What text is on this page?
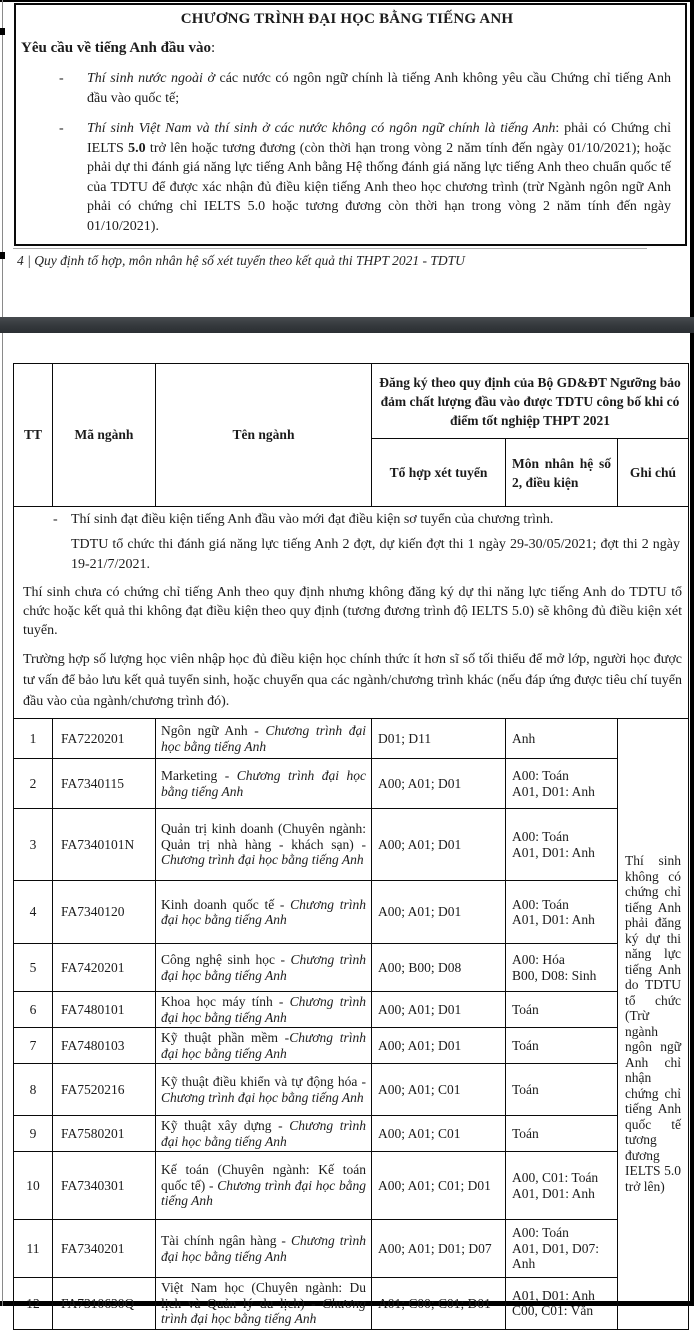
CHƯƠNG TRÌNH ĐẠI HỌC BẰNG TIẾNG ANH
Yêu cầu về tiếng Anh đầu vào:
- Thí sinh nước ngoài ở các nước có ngôn ngữ chính là tiếng Anh không yêu cầu Chứng chỉ tiếng Anh đầu vào quốc tế;
- Thí sinh Việt Nam và thí sinh ở các nước không có ngôn ngữ chính là tiếng Anh: phải có Chứng chỉ IELTS 5.0 trở lên hoặc tương đương (còn thời hạn trong vòng 2 năm tính đến ngày 01/10/2021); hoặc phải dự thi đánh giá năng lực tiếng Anh bằng Hệ thống đánh giá năng lực tiếng Anh theo chuẩn quốc tế của TDTU để được xác nhận đủ điều kiện tiếng Anh theo học chương trình (trừ Ngành ngôn ngữ Anh phải có chứng chỉ IELTS 5.0 hoặc tương đương còn thời hạn trong vòng 2 năm tính đến ngày 01/10/2021).
4 | Quy định tổ hợp, môn nhân hệ số xét tuyển theo kết quả thi THPT 2021 - TDTU
TT	Mã ngành	Tên ngành	Đăng ký theo quy định của Bộ GD&ĐT Ngưỡng bảo đảm chất lượng đầu vào được TDTU công bố khi có điểm tốt nghiệp THPT 2021		
			Tổ hợp xét tuyển	Môn nhân hệ số 2, điều kiện	Ghi chú

- Thí sinh đạt điều kiện tiếng Anh đầu vào mới đạt điều kiện sơ tuyển của chương trình.
TDTU tổ chức thi đánh giá năng lực tiếng Anh 2 đợt, dự kiến đợt thi 1 ngày 29-30/05/2021; đợt thi 2 ngày 19-21/7/2021.
Thí sinh chưa có chứng chỉ tiếng Anh theo quy định nhưng không đăng ký dự thi năng lực tiếng Anh do TDTU tổ chức hoặc kết quả thi không đạt điều kiện theo quy định (tương đương trình độ IELTS 5.0) sẽ không đủ điều kiện xét tuyển.
Trường hợp số lượng học viên nhập học đủ điều kiện học chính thức ít hơn sĩ số tối thiểu để mở lớp, người học được tư vấn để bảo lưu kết quả tuyển sinh, hoặc chuyển qua các ngành/chương trình khác (nếu đáp ứng được tiêu chí tuyển đầu vào của ngành/chương trình đó).					

1	FA7220201	Ngôn ngữ Anh - Chương trình đại học bằng tiếng Anh	D01; D11	Anh	Thí sinh không có chứng chỉ tiếng Anh phải đăng ký dự thi năng lực tiếng Anh do TDTU tổ chức (Trừ ngành ngôn ngữ Anh chỉ nhận chứng chỉ tiếng Anh quốc tế tương đương IELTS 5.0 trở lên)
2	FA7340115	Marketing - Chương trình đại học bằng tiếng Anh	A00; A01; D01	A00: Toán
A01, D01: Anh	

3	FA7340101N	Quản trị kinh doanh (Chuyên ngành: Quản trị nhà hàng - khách sạn) - Chương trình đại học bằng tiếng Anh	A00; A01; D01	A00: Toán
A01, D01: Anh	

4	FA7340120	Kinh doanh quốc tế - Chương trình đại học bằng tiếng Anh	A00; A01; D01	A00: Toán
A01, D01: Anh	

5	FA7420201	Công nghệ sinh học - Chương trình đại học bằng tiếng Anh	A00; B00; D08	A00: Hóa
B00, D08: Sinh	

6	FA7480101	Khoa học máy tính - Chương trình đại học bằng tiếng Anh	A00; A01; D01	Toán	

7	FA7480103	Kỹ thuật phần mềm -Chương trình đại học bằng tiếng Anh	A00; A01; D01	Toán	

8	FA7520216	Kỹ thuật điều khiển và tự động hóa - Chương trình đại học bằng tiếng Anh	A00; A01; C01	Toán	

9	FA7580201	Kỹ thuật xây dựng - Chương trình đại học bằng tiếng Anh	A00; A01; C01	Toán	

10	FA7340301	Kế toán (Chuyên ngành: Kế toán quốc tế) - Chương trình đại học bằng tiếng Anh	A00; A01; C01; D01	A00, C01: Toán
A01, D01: Anh	

11	FA7340201	Tài chính ngân hàng - Chương trình đại học bằng tiếng Anh	A00; A01; D01; D07	A00: Toán
A01, D01, D07: Anh	

12	FA7310630Q	Việt Nam học (Chuyên ngành: Du lịch và Quản lý du lịch) - Chương trình đại học bằng tiếng Anh	A01; C00; C01; D01	A01, D01: Anh
C00, C01: Văn	
